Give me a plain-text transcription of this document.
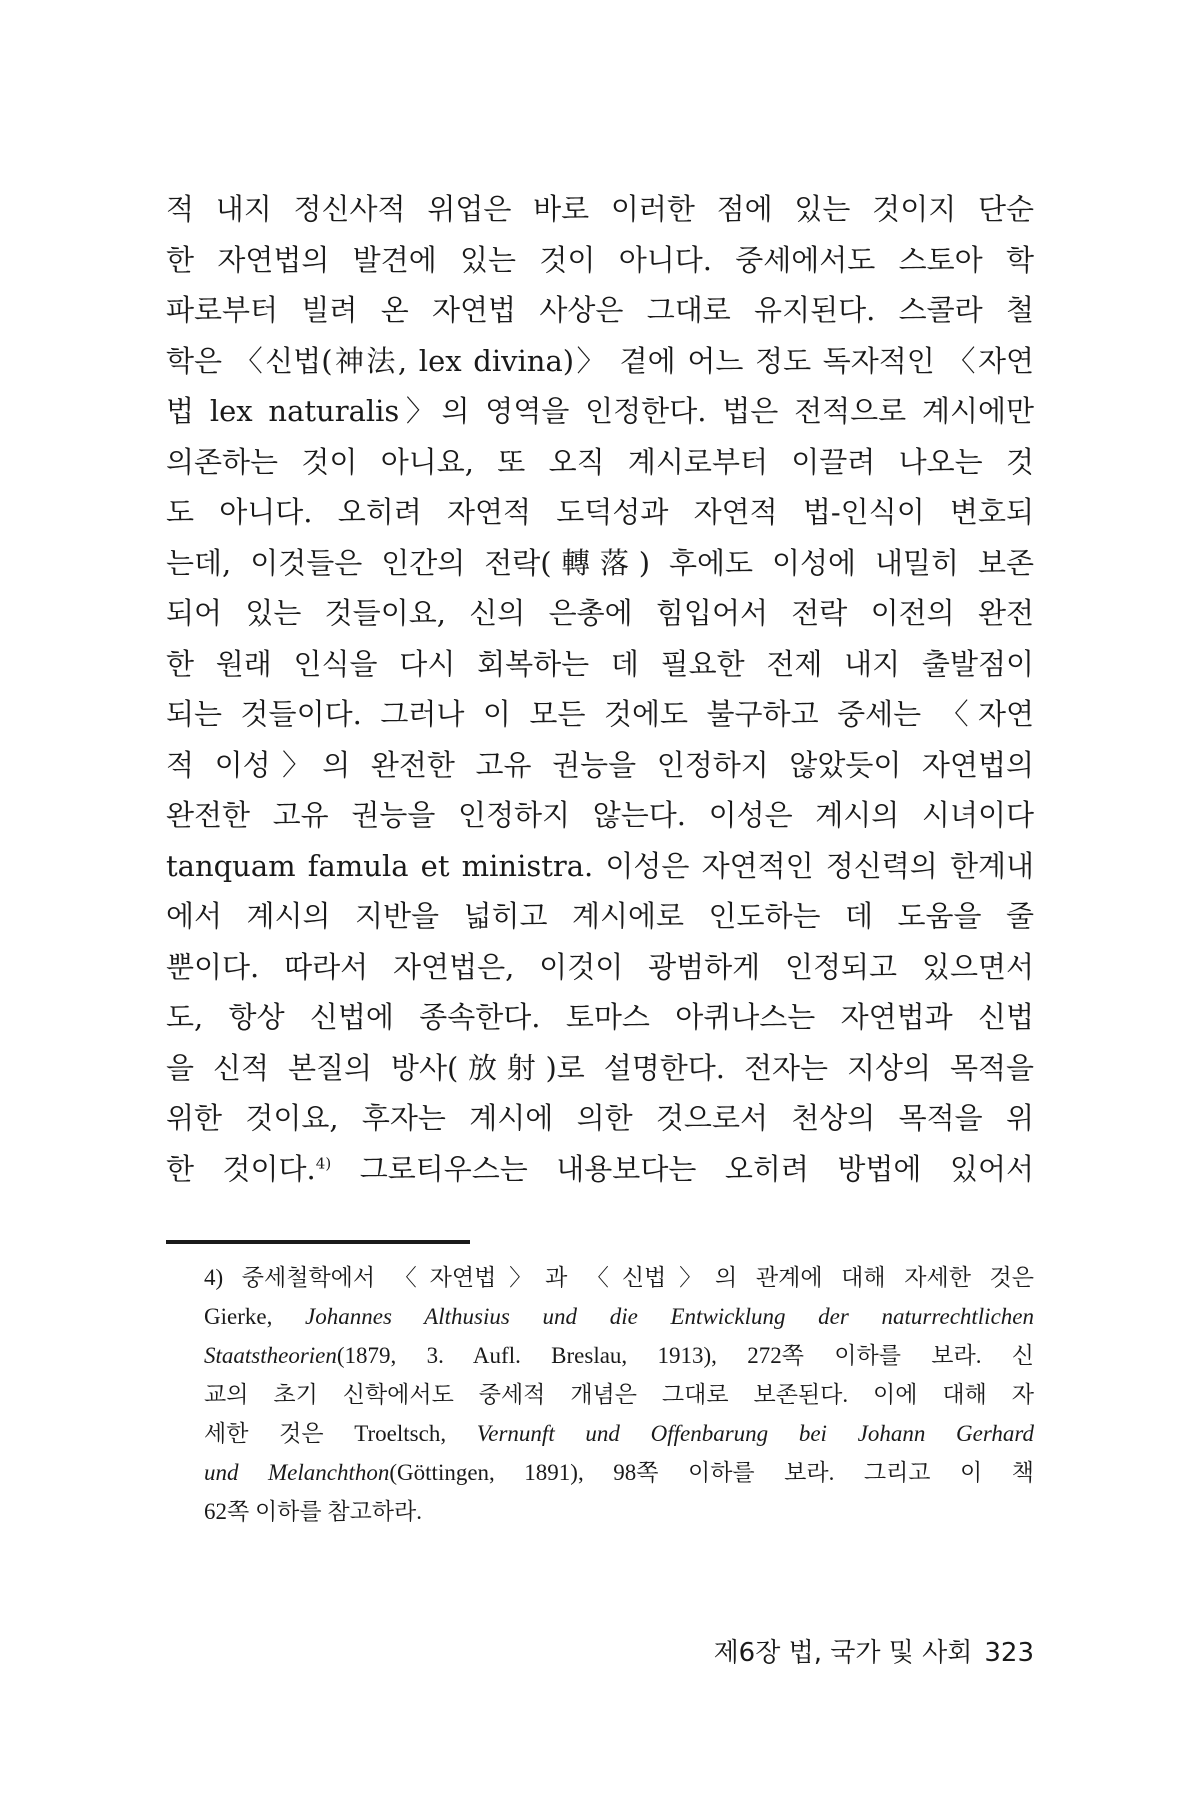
적 내지 정신사적 위업은 바로 이러한 점에 있는 것이지 단순
한 자연법의 발견에 있는 것이 아니다. 중세에서도 스토아 학
파로부터 빌려 온 자연법 사상은 그대로 유지된다. 스콜라 철
학은 〈신법(神法, lex divina)〉 곁에 어느 정도 독자적인 〈자연
법 lex naturalis〉의 영역을 인정한다. 법은 전적으로 계시에만
의존하는 것이 아니요, 또 오직 계시로부터 이끌려 나오는 것
도 아니다. 오히려 자연적 도덕성과 자연적 법-인식이 변호되
는데, 이것들은 인간의 전락(轉落) 후에도 이성에 내밀히 보존
되어 있는 것들이요, 신의 은총에 힘입어서 전락 이전의 완전
한 원래 인식을 다시 회복하는 데 필요한 전제 내지 출발점이
되는 것들이다. 그러나 이 모든 것에도 불구하고 중세는 〈자연
적 이성〉의 완전한 고유 권능을 인정하지 않았듯이 자연법의
완전한 고유 권능을 인정하지 않는다. 이성은 계시의 시녀이다
tanquam famula et ministra. 이성은 자연적인 정신력의 한계내
에서 계시의 지반을 넓히고 계시에로 인도하는 데 도움을 줄
뿐이다. 따라서 자연법은, 이것이 광범하게 인정되고 있으면서
도, 항상 신법에 종속한다. 토마스 아퀴나스는 자연법과 신법
을 신적 본질의 방사(放射)로 설명한다. 전자는 지상의 목적을
위한 것이요, 후자는 계시에 의한 것으로서 천상의 목적을 위
한 것이다.$^{4)}$ 그로티우스는 내용보다는 오히려 방법에 있어서
4) 중세철학에서 〈자연법〉과 〈신법〉의 관계에 대해 자세한 것은
Gierke, Johannes Althusius und die Entwicklung der naturrechtlichen
Staatstheorien(1879, 3. Aufl. Breslau, 1913), 272쪽 이하를 보라. 신
교의 초기 신학에서도 중세적 개념은 그대로 보존된다. 이에 대해 자
세한 것은 Troeltsch, Vernunft und Offenbarung bei Johann Gerhard
und Melanchthon(Göttingen, 1891), 98쪽 이하를 보라. 그리고 이 책
62쪽 이하를 참고하라.
제6장 법, 국가 및 사회 323
